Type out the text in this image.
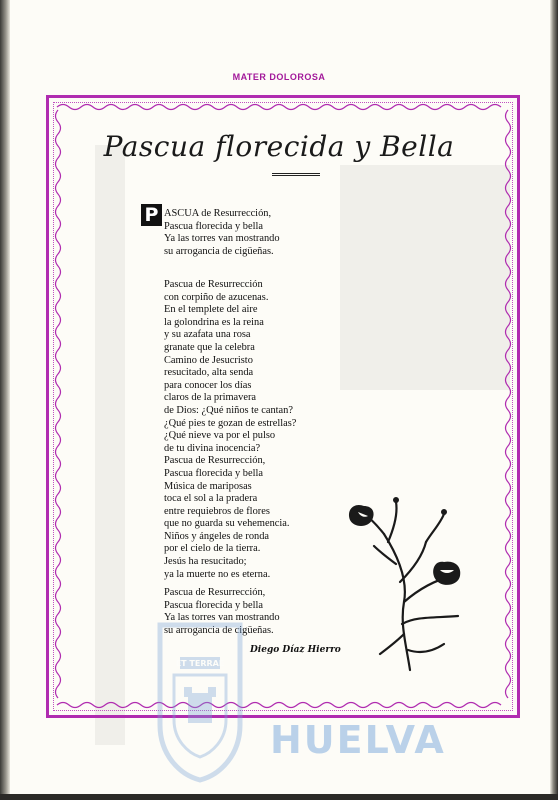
MATER DOLOROSA
Pascua florecida y Bella
P ASCUA de Resurrección,
Pascua florecida y bella
Ya las torres van mostrando
su arrogancia de cigüeñas.
Pascua de Resurrección
con corpiño de azucenas.
En el templete del aire
la golondrina es la reina
y su azafata una rosa
granate que la celebra
Camino de Jesucristo
resucitado, alta senda
para conocer los días
claros de la primavera
de Dios: ¿Qué niños te cantan?
¿Qué pies te gozan de estrellas?
¿Qué nieve va por el pulso
de tu divina inocencia?
Pascua de Resurrección,
Pascua florecida y bella
Música de mariposas
toca el sol a la pradera
entre requiebros de flores
que no guarda su vehemencia.
Niños y ángeles de ronda
por el cielo de la tierra.
Jesús ha resucitado;
ya la muerte no es eterna.
Pascua de Resurrección,
Pascua florecida y bella
Ya las torres van mostrando
su arrogancia de cigüeñas.
Diego Díaz Hierro
ET TERRAE
HUELVA
